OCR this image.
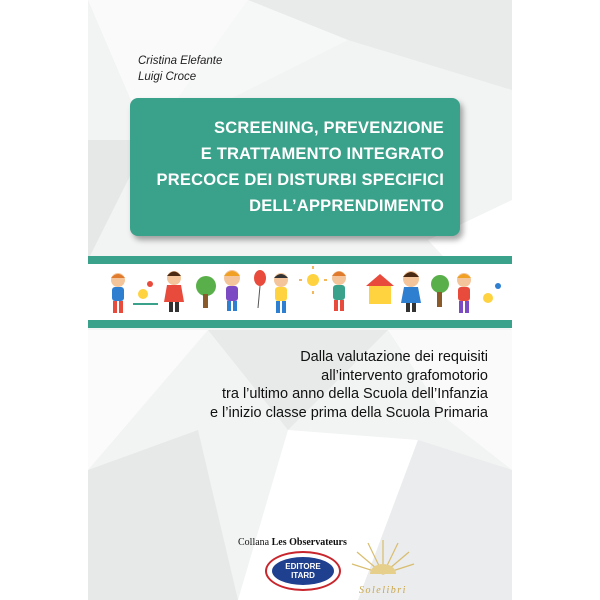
Cristina Elefante
Luigi Croce
SCREENING, PREVENZIONE
E TRATTAMENTO INTEGRATO
PRECOCE DEI DISTURBI SPECIFICI
DELL’APPRENDIMENTO
Dalla valutazione dei requisiti
all’intervento grafomotorio
tra l’ultimo anno della Scuola dell’Infanzia
e l’inizio classe prima della Scuola Primaria
Collana Les Observateurs
EDITORE
ITARD
Solelibri
